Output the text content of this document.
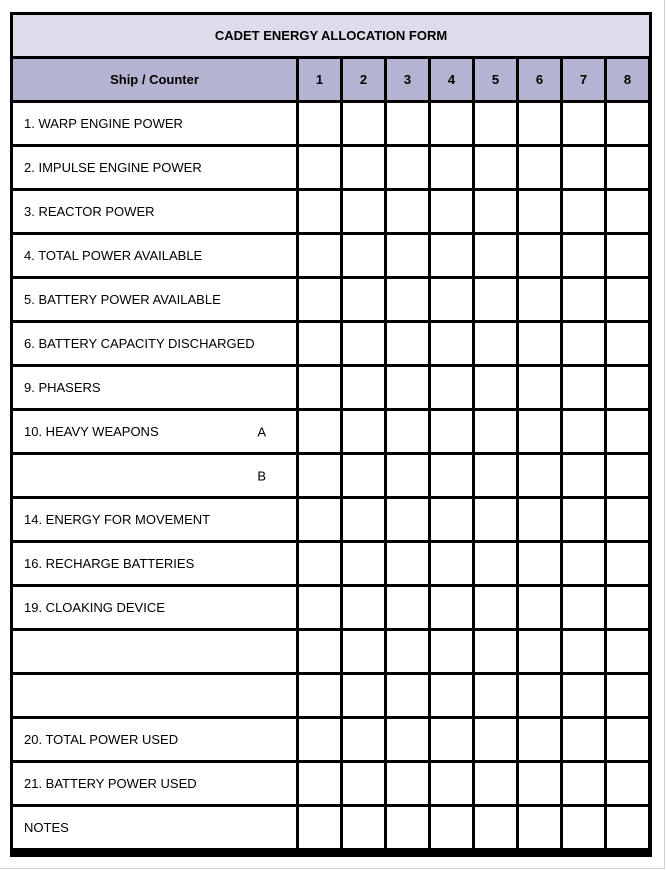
CADET ENERGY ALLOCATION FORM
Ship / Counter	1	2	3	4	5	6	7	8
1. WARP ENGINE POWER
2. IMPULSE ENGINE POWER
3. REACTOR POWER
4. TOTAL POWER AVAILABLE
5. BATTERY POWER AVAILABLE
6. BATTERY CAPACITY DISCHARGED
9. PHASERS
10. HEAVY WEAPONS	A
B
14. ENERGY FOR MOVEMENT
16. RECHARGE BATTERIES
19. CLOAKING DEVICE
20. TOTAL POWER USED
21. BATTERY POWER USED
NOTES
